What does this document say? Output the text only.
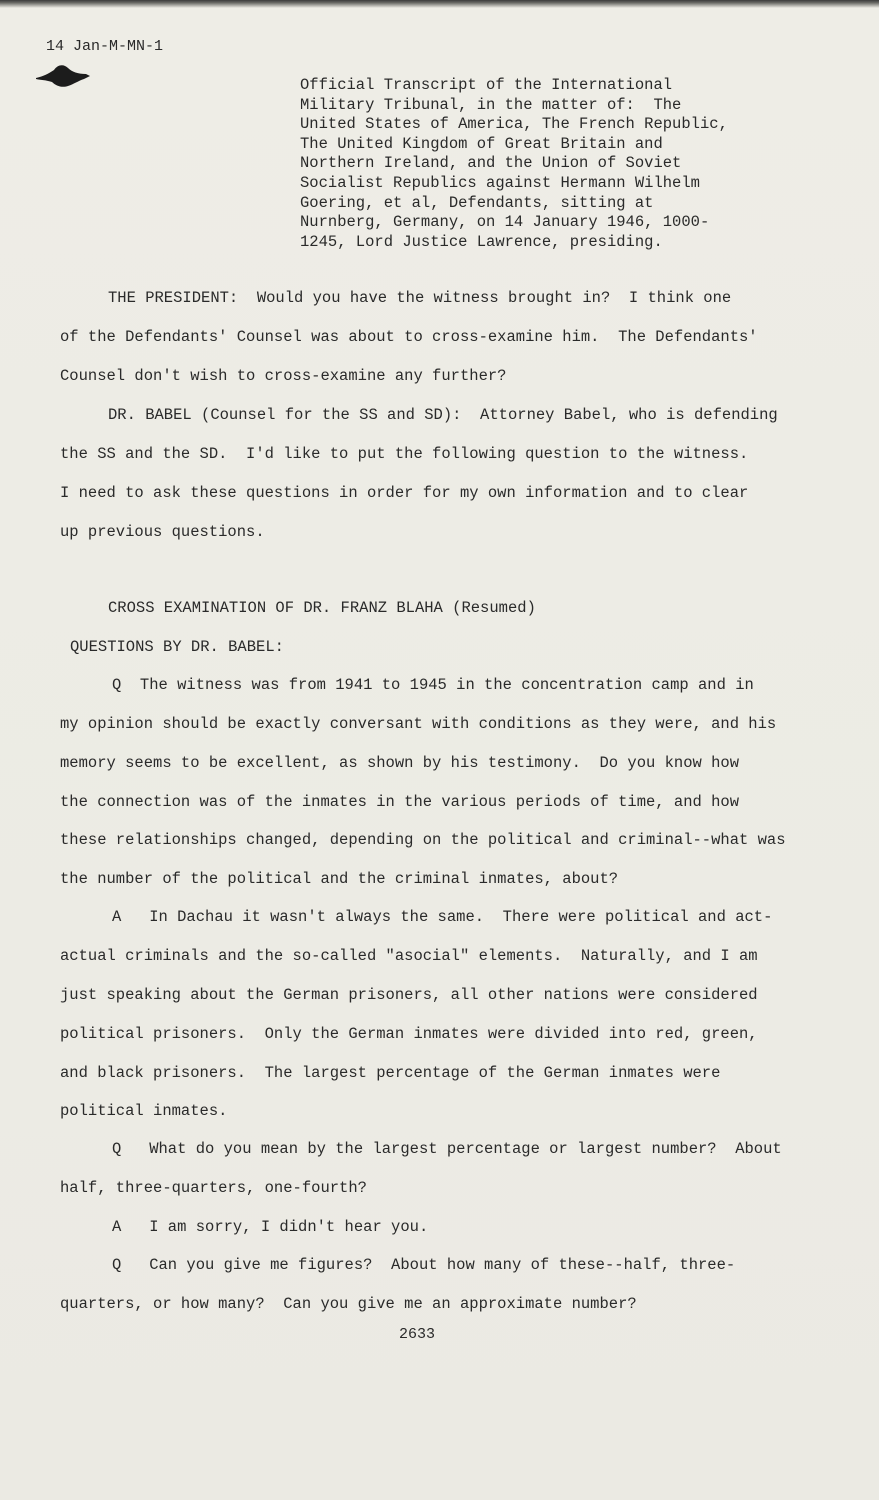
14 Jan-M-MN-1
Official Transcript of the International
Military Tribunal, in the matter of:  The
United States of America, The French Republic,
The United Kingdom of Great Britain and
Northern Ireland, and the Union of Soviet
Socialist Republics against Hermann Wilhelm
Goering, et al, Defendants, sitting at
Nurnberg, Germany, on 14 January 1946, 1000-
1245, Lord Justice Lawrence, presiding.
THE PRESIDENT:  Would you have the witness brought in?  I think one
of the Defendants' Counsel was about to cross-examine him.  The Defendants'
Counsel don't wish to cross-examine any further?
DR. BABEL (Counsel for the SS and SD):  Attorney Babel, who is defending
the SS and the SD.  I'd like to put the following question to the witness.
I need to ask these questions in order for my own information and to clear
up previous questions.
CROSS EXAMINATION OF DR. FRANZ BLAHA (Resumed)
QUESTIONS BY DR. BABEL:
Q  The witness was from 1941 to 1945 in the concentration camp and in
my opinion should be exactly conversant with conditions as they were, and his
memory seems to be excellent, as shown by his testimony.  Do you know how
the connection was of the inmates in the various periods of time, and how
these relationships changed, depending on the political and criminal--what was
the number of the political and the criminal inmates, about?
A   In Dachau it wasn't always the same.  There were political and act-
actual criminals and the so-called "asocial" elements.  Naturally, and I am
just speaking about the German prisoners, all other nations were considered
political prisoners.  Only the German inmates were divided into red, green,
and black prisoners.  The largest percentage of the German inmates were
political inmates.
Q   What do you mean by the largest percentage or largest number?  About
half, three-quarters, one-fourth?
A   I am sorry, I didn't hear you.
Q   Can you give me figures?  About how many of these--half, three-
quarters, or how many?  Can you give me an approximate number?
2633
